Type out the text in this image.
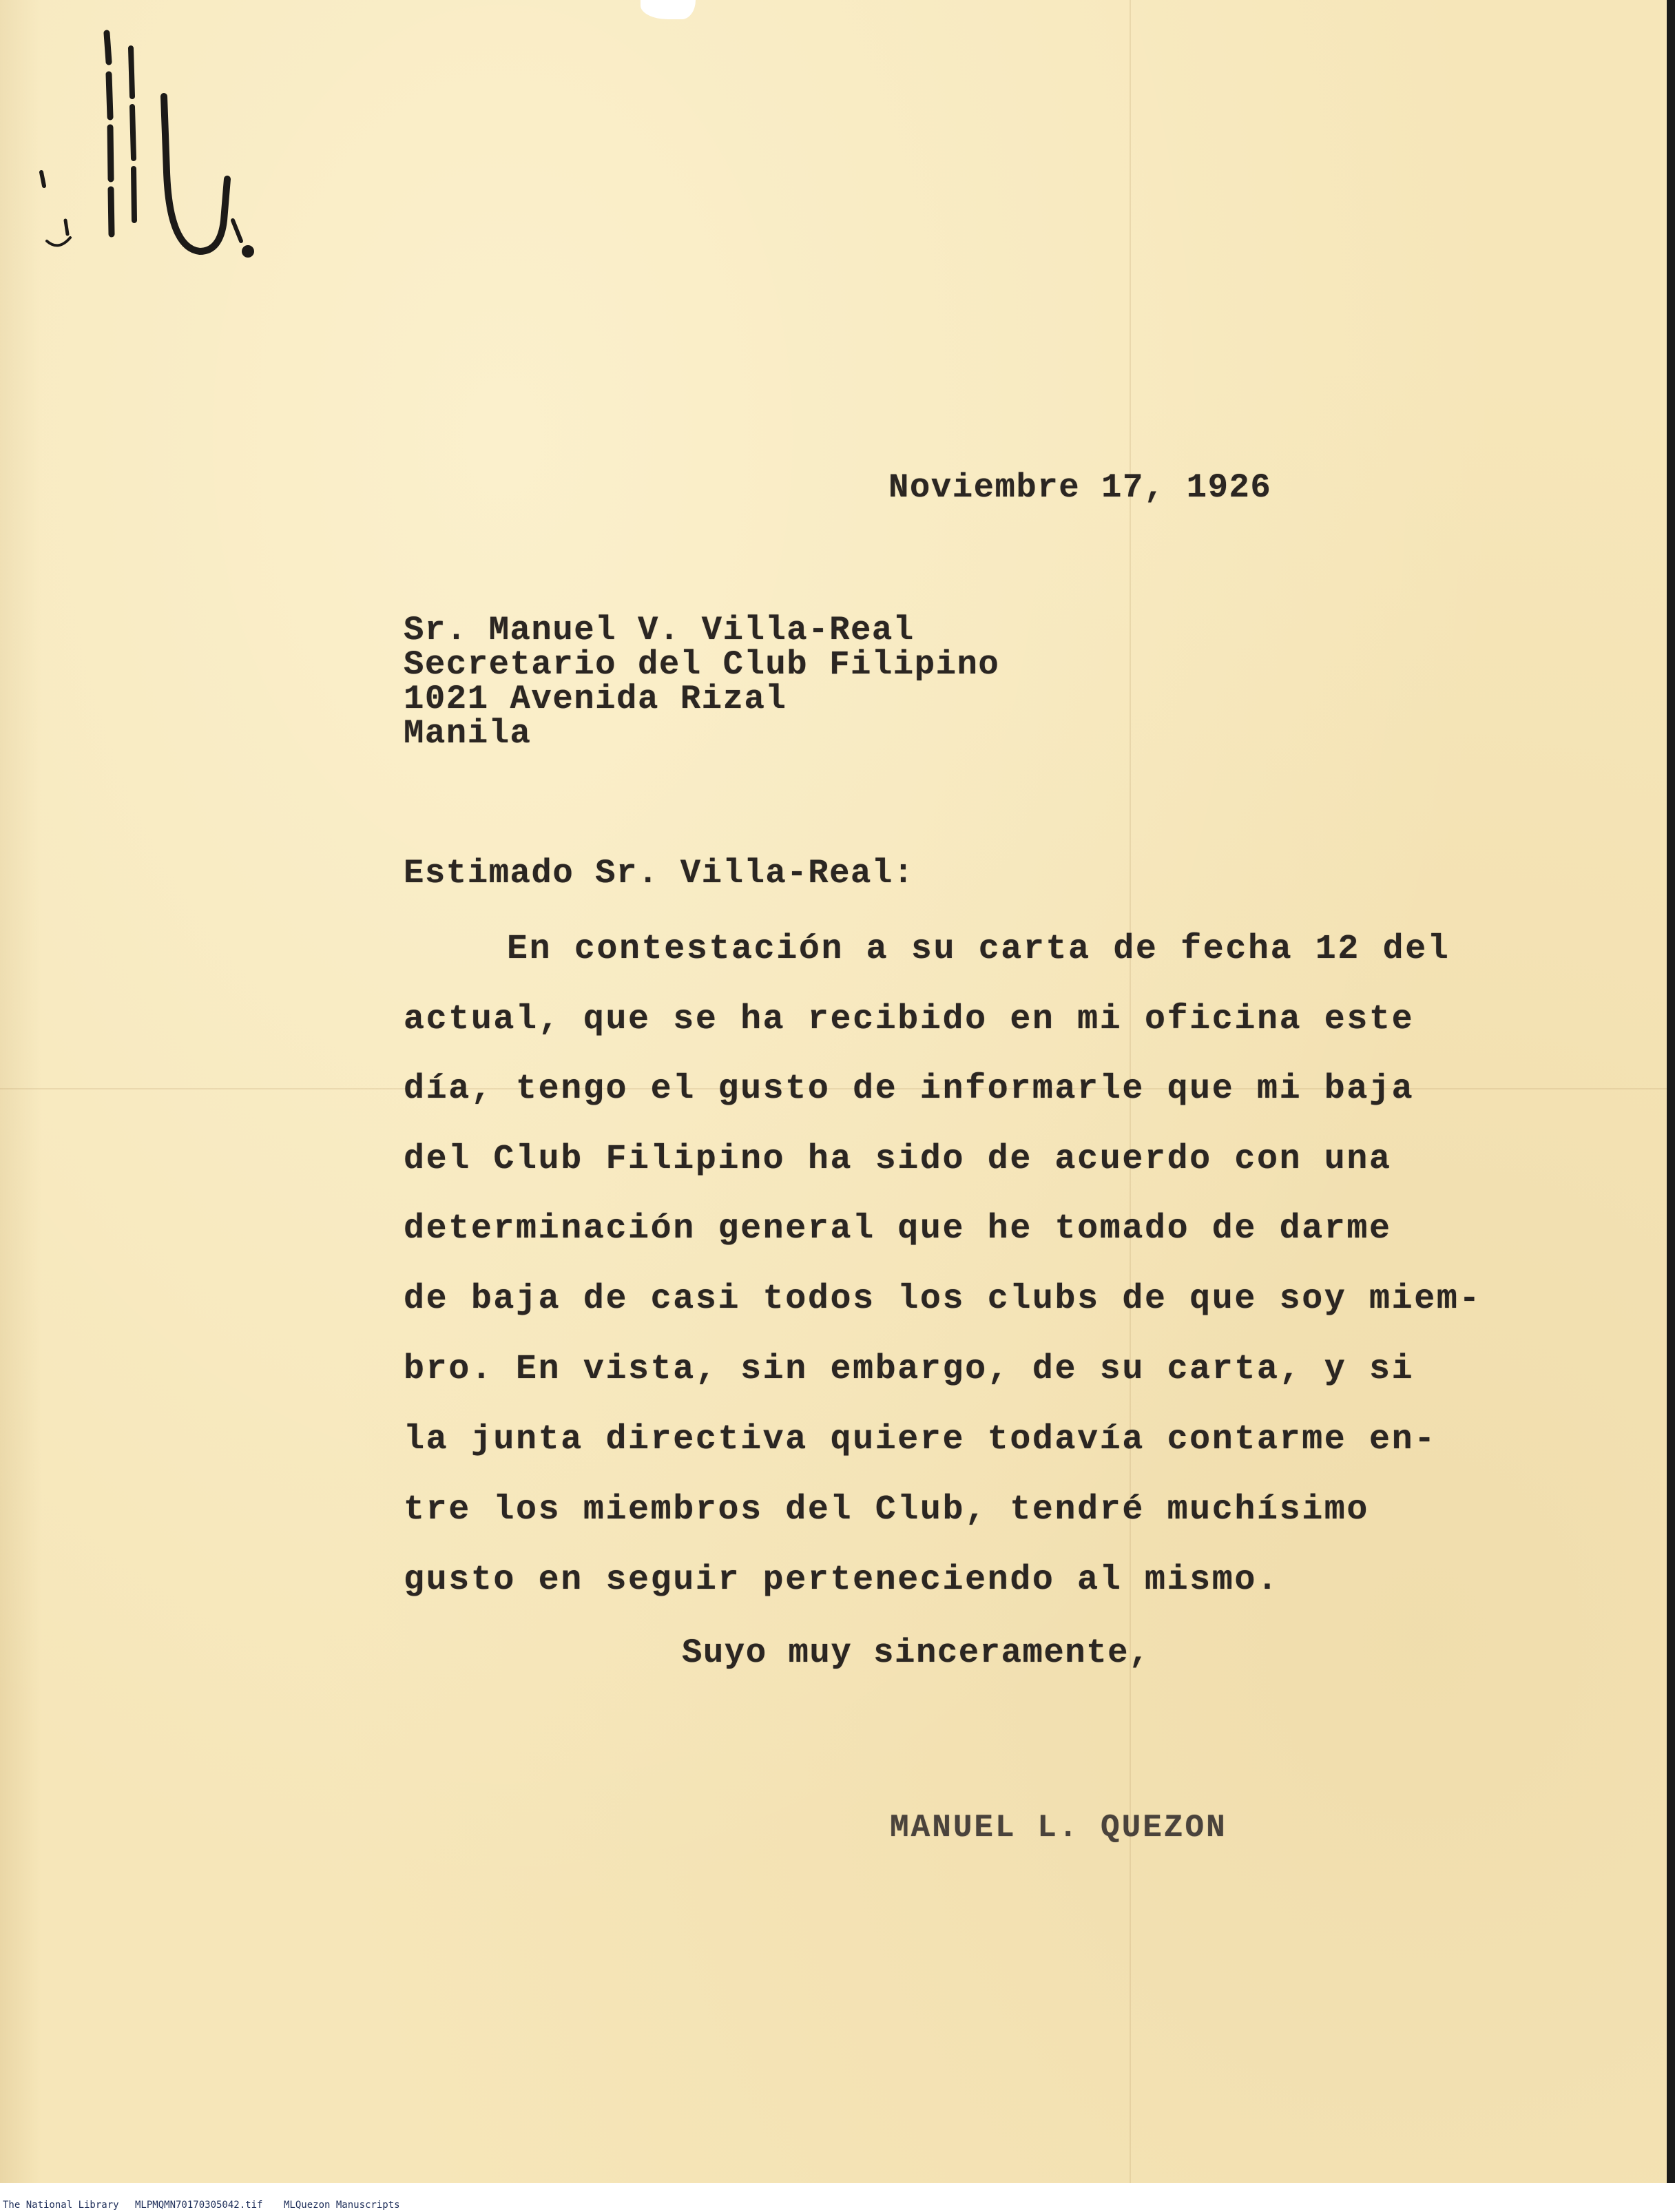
Noviembre 17, 1926
Sr. Manuel V. Villa-Real
Secretario del Club Filipino
1021 Avenida Rizal
Manila
Estimado Sr. Villa-Real:
En contestación a su carta de fecha 12 del
actual, que se ha recibido en mi oficina este
día, tengo el gusto de informarle que mi baja
del Club Filipino ha sido de acuerdo con una
determinación general que he tomado de darme
de baja de casi todos los clubs de que soy miem-
bro. En vista, sin embargo, de su carta, y si
la junta directiva quiere todavía contarme en-
tre los miembros del Club, tendré muchísimo
gusto en seguir perteneciendo al mismo.
Suyo muy sinceramente,
MANUEL L. QUEZON
The National Library MLPMQMN70170305042.tif MLQuezon Manuscripts
